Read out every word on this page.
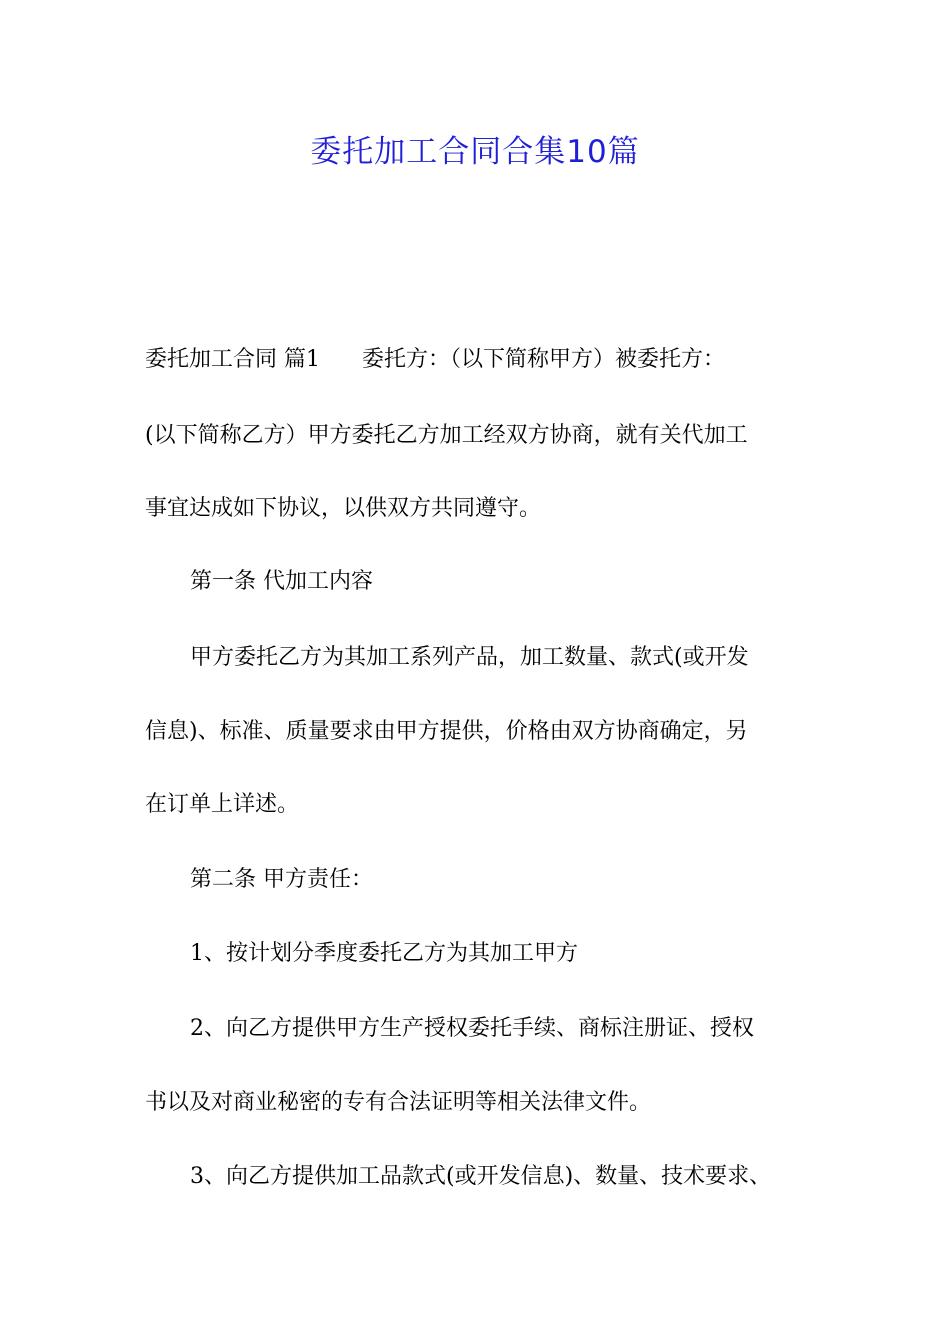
委托加工合同合集10篇
委托加工合同 篇1 委托方：（以下简称甲方）被委托方：
(以下简称乙方）甲方委托乙方加工经双方协商，就有关代加工
事宜达成如下协议，以供双方共同遵守。
第一条 代加工内容
甲方委托乙方为其加工系列产品，加工数量、款式(或开发
信息)、标准、质量要求由甲方提供，价格由双方协商确定，另
在订单上详述。
第二条 甲方责任：
1、按计划分季度委托乙方为其加工甲方
2、向乙方提供甲方生产授权委托手续、商标注册证、授权
书以及对商业秘密的专有合法证明等相关法律文件。
3、向乙方提供加工品款式(或开发信息)、数量、技术要求、
